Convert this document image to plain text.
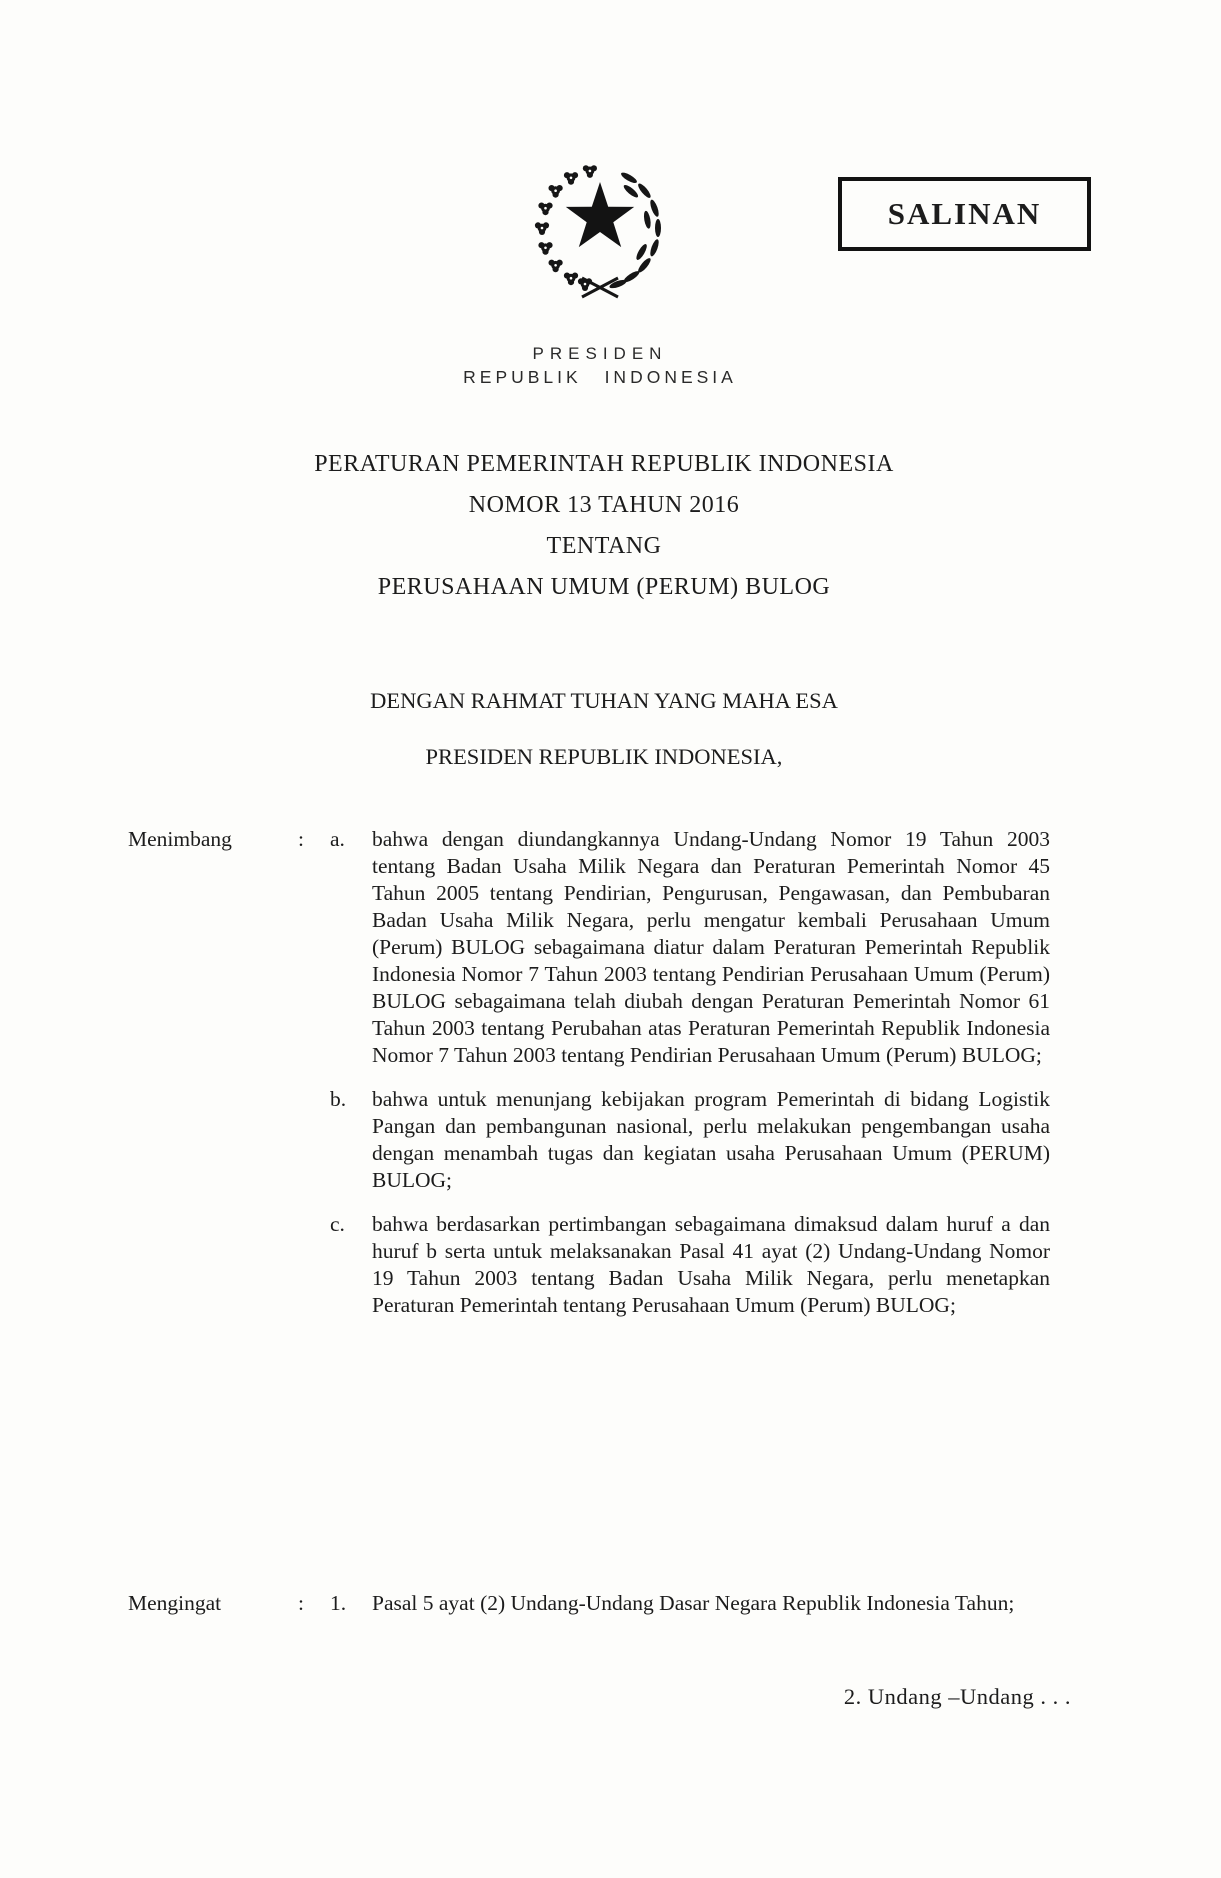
SALINAN
PRESIDEN
REPUBLIK INDONESIA
PERATURAN PEMERINTAH REPUBLIK INDONESIA
NOMOR 13 TAHUN 2016
TENTANG
PERUSAHAAN UMUM (PERUM) BULOG
DENGAN RAHMAT TUHAN YANG MAHA ESA
PRESIDEN REPUBLIK INDONESIA,
Menimbang	:	a.	bahwa dengan diundangkannya Undang-Undang Nomor 19 Tahun 2003 tentang Badan Usaha Milik Negara dan Peraturan Pemerintah Nomor 45 Tahun 2005 tentang Pendirian, Pengurusan, Pengawasan, dan Pembubaran Badan Usaha Milik Negara, perlu mengatur kembali Perusahaan Umum (Perum) BULOG sebagaimana diatur dalam Peraturan Pemerintah Republik Indonesia Nomor 7 Tahun 2003 tentang Pendirian Perusahaan Umum (Perum) BULOG sebagaimana telah diubah dengan Peraturan Pemerintah Nomor 61 Tahun 2003 tentang Perubahan atas Peraturan Pemerintah Republik Indonesia Nomor 7 Tahun 2003 tentang Pendirian Perusahaan Umum (Perum) BULOG;
b.	bahwa untuk menunjang kebijakan program Pemerintah di bidang Logistik Pangan dan pembangunan nasional, perlu melakukan pengembangan usaha dengan menambah tugas dan kegiatan usaha Perusahaan Umum (PERUM) BULOG;
c.	bahwa berdasarkan pertimbangan sebagaimana dimaksud dalam huruf a dan huruf b serta untuk melaksanakan Pasal 41 ayat (2) Undang-Undang Nomor 19 Tahun 2003 tentang Badan Usaha Milik Negara, perlu menetapkan Peraturan Pemerintah tentang Perusahaan Umum (Perum) BULOG;
Mengingat	:	1.	Pasal 5 ayat (2) Undang-Undang Dasar Negara Republik Indonesia Tahun;
2. Undang –Undang . . .
